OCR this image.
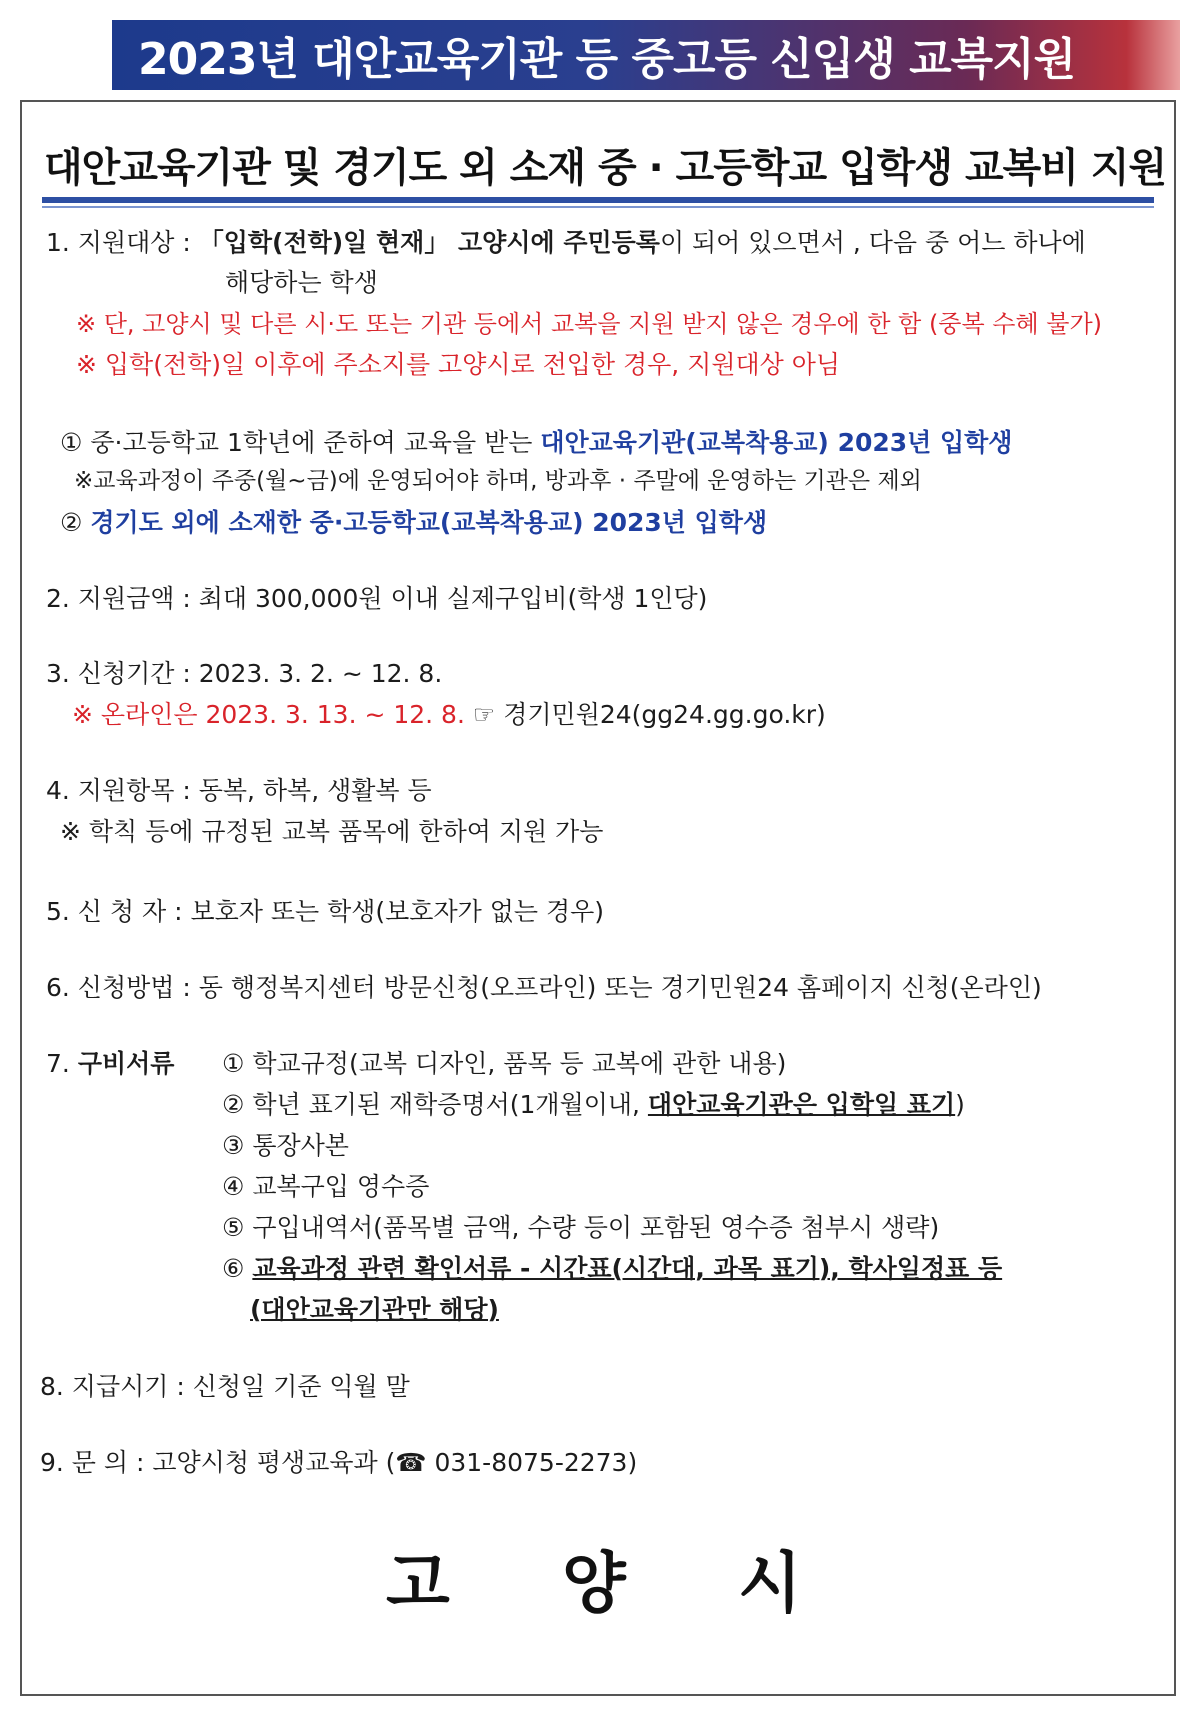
2023년 대안교육기관 등 중고등 신입생 교복지원
대안교육기관 및 경기도 외 소재 중 · 고등학교 입학생 교복비 지원
1. 지원대상 : 「입학(전학)일 현재」 고양시에 주민등록이 되어 있으면서 , 다음 중 어느 하나에
해당하는 학생
※ 단, 고양시 및 다른 시·도 또는 기관 등에서 교복을 지원 받지 않은 경우에 한 함 (중복 수혜 불가)
※ 입학(전학)일 이후에 주소지를 고양시로 전입한 경우, 지원대상 아님
① 중·고등학교 1학년에 준하여 교육을 받는 대안교육기관(교복착용교) 2023년 입학생
※교육과정이 주중(월~금)에 운영되어야 하며, 방과후 · 주말에 운영하는 기관은 제외
② 경기도 외에 소재한 중·고등학교(교복착용교) 2023년 입학생
2. 지원금액 : 최대 300,000원 이내 실제구입비(학생 1인당)
3. 신청기간 : 2023. 3. 2. ~ 12. 8.
※ 온라인은 2023. 3. 13. ~ 12. 8. ☞ 경기민원24(gg24.gg.go.kr)
4. 지원항목 : 동복, 하복, 생활복 등
※ 학칙 등에 규정된 교복 품목에 한하여 지원 가능
5. 신 청 자 : 보호자 또는 학생(보호자가 없는 경우)
6. 신청방법 : 동 행정복지센터 방문신청(오프라인) 또는 경기민원24 홈페이지 신청(온라인)
7. 구비서류 ① 학교규정(교복 디자인, 품목 등 교복에 관한 내용)
② 학년 표기된 재학증명서(1개월이내, 대안교육기관은 입학일 표기)
③ 통장사본
④ 교복구입 영수증
⑤ 구입내역서(품목별 금액, 수량 등이 포함된 영수증 첨부시 생략)
⑥ 교육과정 관련 확인서류 - 시간표(시간대, 과목 표기), 학사일정표 등
(대안교육기관만 해당)
8. 지급시기 : 신청일 기준 익월 말
9. 문 의 : 고양시청 평생교육과 (☎ 031-8075-2273)
고 양 시
